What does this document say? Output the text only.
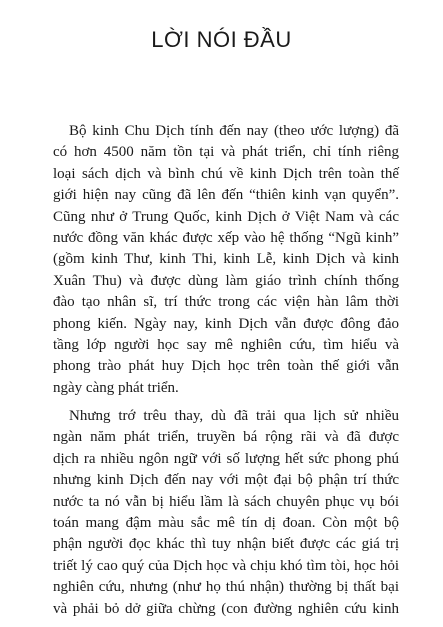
LỜI NÓI ĐẦU
Bộ kinh Chu Dịch tính đến nay (theo ước lượng) đã
có hơn 4500 năm tồn tại và phát triển, chỉ tính riêng
loại sách dịch và bình chú về kinh Dịch trên toàn thế
giới hiện nay cũng đã lên đến “thiên kinh vạn quyển”.
Cũng như ở Trung Quốc, kinh Dịch ở Việt Nam và các
nước đồng văn khác được xếp vào hệ thống “Ngũ kinh”
(gồm kinh Thư, kinh Thi, kinh Lễ, kinh Dịch và kinh
Xuân Thu) và được dùng làm giáo trình chính thống
đào tạo nhân sĩ, trí thức trong các viện hàn lâm thời
phong kiến. Ngày nay, kinh Dịch vẫn được đông đảo
tầng lớp người học say mê nghiên cứu, tìm hiểu và
phong trào phát huy Dịch học trên toàn thế giới vẫn
ngày càng phát triển.
Nhưng trớ trêu thay, dù đã trải qua lịch sử nhiều
ngàn năm phát triển, truyền bá rộng rãi và đã được
dịch ra nhiều ngôn ngữ với số lượng hết sức phong phú
nhưng kinh Dịch đến nay với một đại bộ phận trí thức
nước ta nó vẫn bị hiểu lầm là sách chuyên phục vụ bói
toán mang đậm màu sắc mê tín dị đoan. Còn một bộ
phận người đọc khác thì tuy nhận biết được các giá trị
triết lý cao quý của Dịch học và chịu khó tìm tòi, học hỏi
nghiên cứu, nhưng (như họ thú nhận) thường bị thất bại
và phải bỏ dở giữa chừng (con đường nghiên cứu kinh
